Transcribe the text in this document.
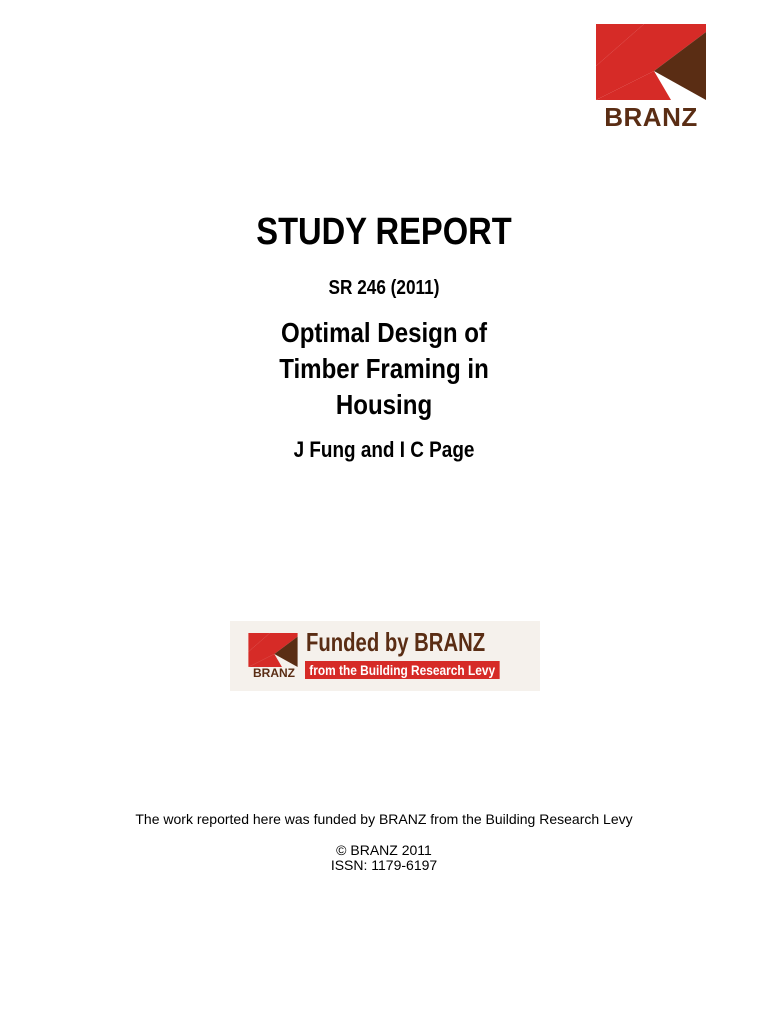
BRANZ
STUDY REPORT
SR 246 (2011)
Optimal Design of
Timber Framing in
Housing
J Fung and I C Page
BRANZ
Funded by BRANZ
from the Building Research Levy
The work reported here was funded by BRANZ from the Building Research Levy
© BRANZ 2011
ISSN: 1179-6197
